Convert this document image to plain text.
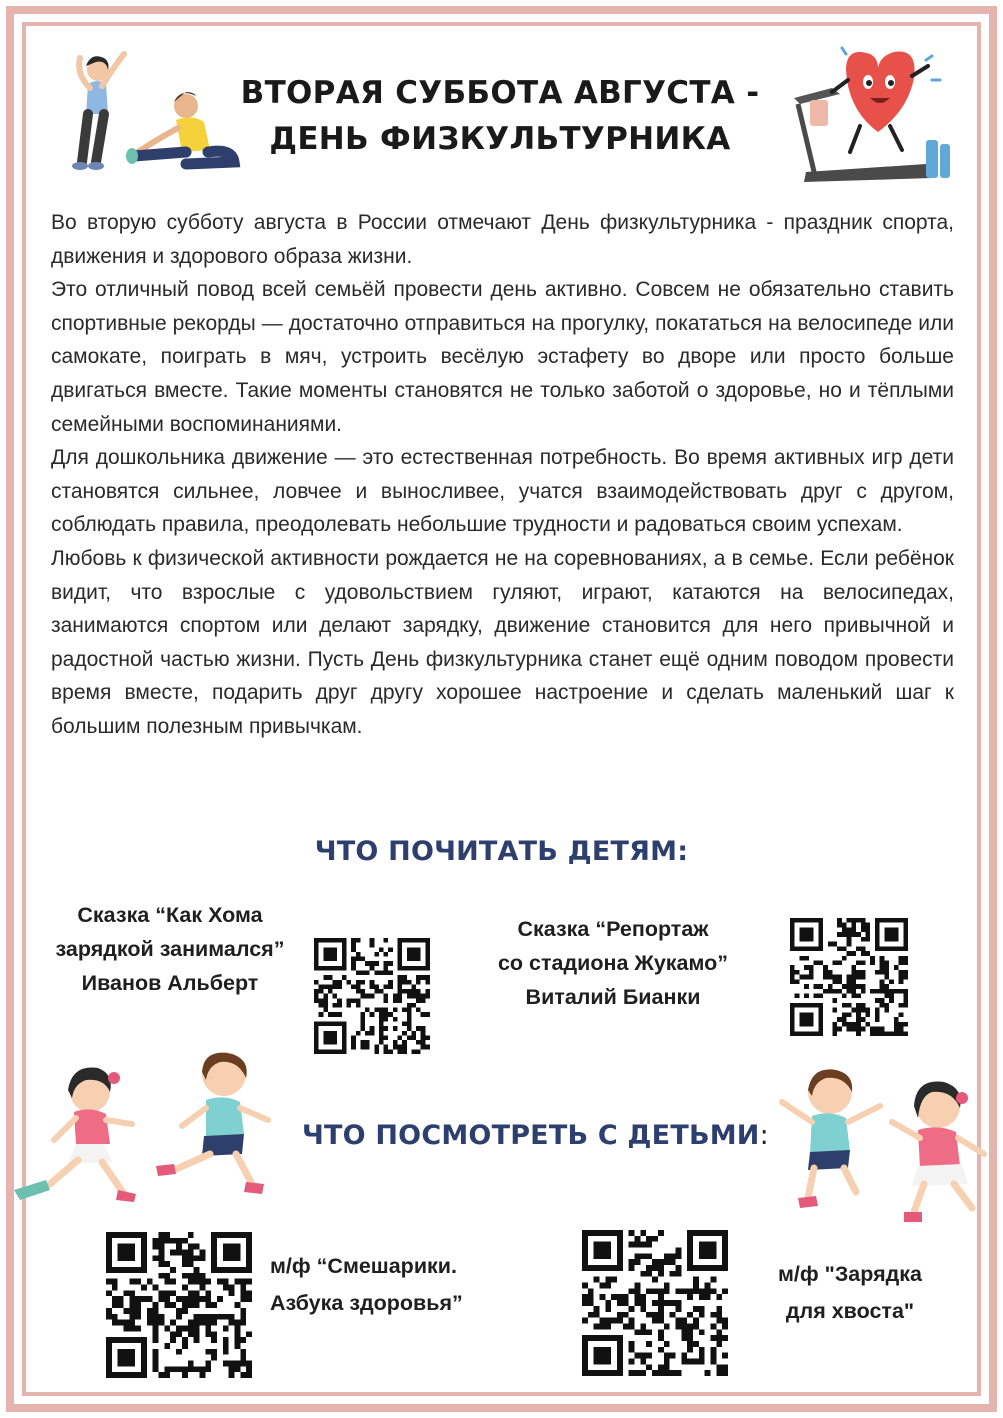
ВТОРАЯ СУББОТА АВГУСТА -
ДЕНЬ ФИЗКУЛЬТУРНИКА

Во вторую субботу августа в России отмечают День физкультурника - праздник спорта, движения и здорового образа жизни.

Это отличный повод всей семьёй провести день активно. Совсем не обязательно ставить спортивные рекорды — достаточно отправиться на прогулку, покататься на велосипеде или самокате, поиграть в мяч, устроить весёлую эстафету во дворе или просто больше двигаться вместе. Такие моменты становятся не только заботой о здоровье, но и тёплыми семейными воспоминаниями.

Для дошкольника движение — это естественная потребность. Во время активных игр дети становятся сильнее, ловчее и выносливее, учатся взаимодействовать друг с другом, соблюдать правила, преодолевать небольшие трудности и радоваться своим успехам.

Любовь к физической активности рождается не на соревнованиях, а в семье. Если ребёнок видит, что взрослые с удовольствием гуляют, играют, катаются на велосипедах, занимаются спортом или делают зарядку, движение становится для него привычной и радостной частью жизни. Пусть День физкультурника станет ещё одним поводом провести время вместе, подарить друг другу хорошее настроение и сделать маленький шаг к большим полезным привычкам.

ЧТО ПОЧИТАТЬ ДЕТЯМ:
Сказка “Как Хома
зарядкой занимался”
Иванов Альберт
Сказка “Репортаж
со стадиона Жукамо”
Виталий Бианки
ЧТО ПОСМОТРЕТЬ С ДЕТЬМИ:
м/ф “Смешарики.
Азбука здоровья”
м/ф "Зарядка
для хвоста"
